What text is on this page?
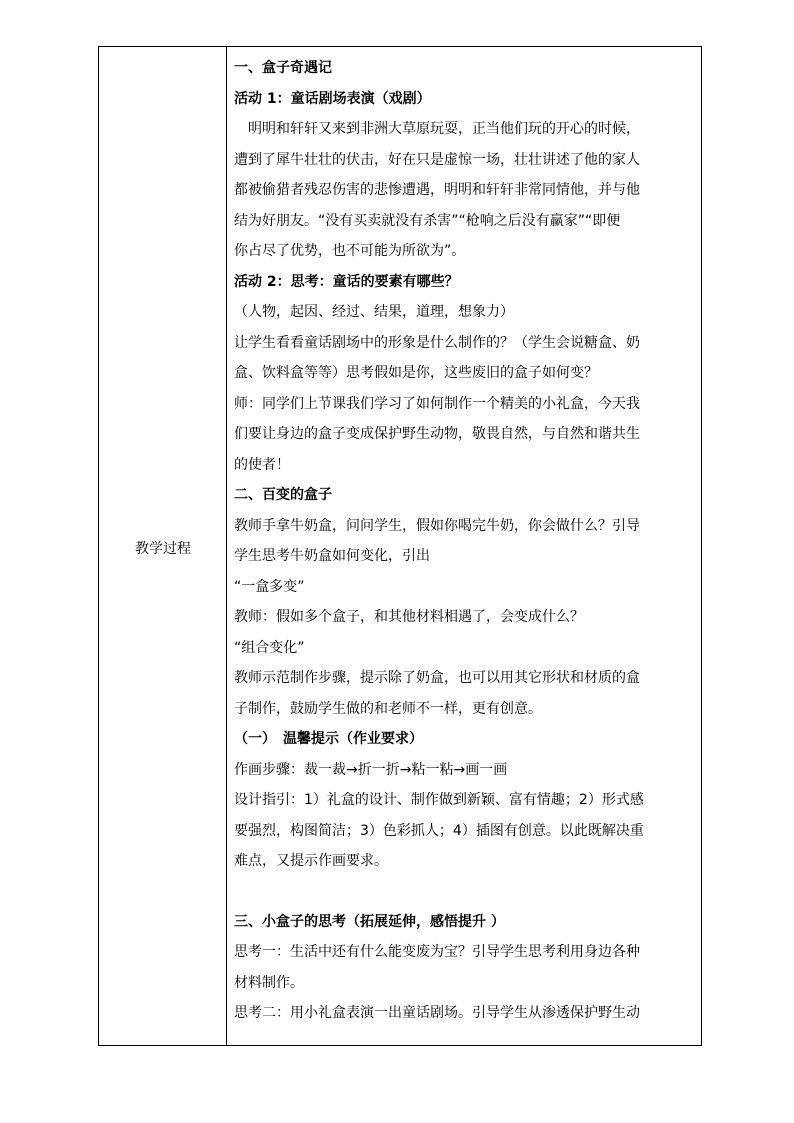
教学过程

一、盒子奇遇记

活动 1：童话剧场表演（戏剧）

　明明和轩轩又来到非洲大草原玩耍，正当他们玩的开心的时候，

遭到了犀牛壮壮的伏击，好在只是虚惊一场，壮壮讲述了他的家人

都被偷猎者残忍伤害的悲惨遭遇，明明和轩轩非常同情他，并与他

结为好朋友。“没有买卖就没有杀害”“枪响之后没有赢家”“即便

你占尽了优势，也不可能为所欲为”。

活动 2：思考：童话的要素有哪些？

（人物，起因、经过、结果，道理，想象力）

让学生看看童话剧场中的形象是什么制作的？（学生会说糖盒、奶

盒、饮料盒等等）思考假如是你，这些废旧的盒子如何变？

师：同学们上节课我们学习了如何制作一个精美的小礼盒，今天我

们要让身边的盒子变成保护野生动物，敬畏自然，与自然和谐共生

的使者！

二、百变的盒子

教师手拿牛奶盒，问问学生，假如你喝完牛奶，你会做什么？引导

学生思考牛奶盒如何变化，引出

“一盒多变”

教师：假如多个盒子，和其他材料相遇了，会变成什么？

“组合变化”

教师示范制作步骤，提示除了奶盒，也可以用其它形状和材质的盒

子制作，鼓励学生做的和老师不一样，更有创意。

（一）　温馨提示（作业要求）

作画步骤：裁一裁→折一折→粘一粘→画一画

设计指引：1）礼盒的设计、制作做到新颖、富有情趣；2）形式感

要强烈，构图简洁；3）色彩抓人；4）插图有创意。以此既解决重

难点，又提示作画要求。

三、小盒子的思考（拓展延伸，感悟提升 ）

思考一：生活中还有什么能变废为宝？引导学生思考利用身边各种

材料制作。

思考二：用小礼盒表演一出童话剧场。引导学生从渗透保护野生动
